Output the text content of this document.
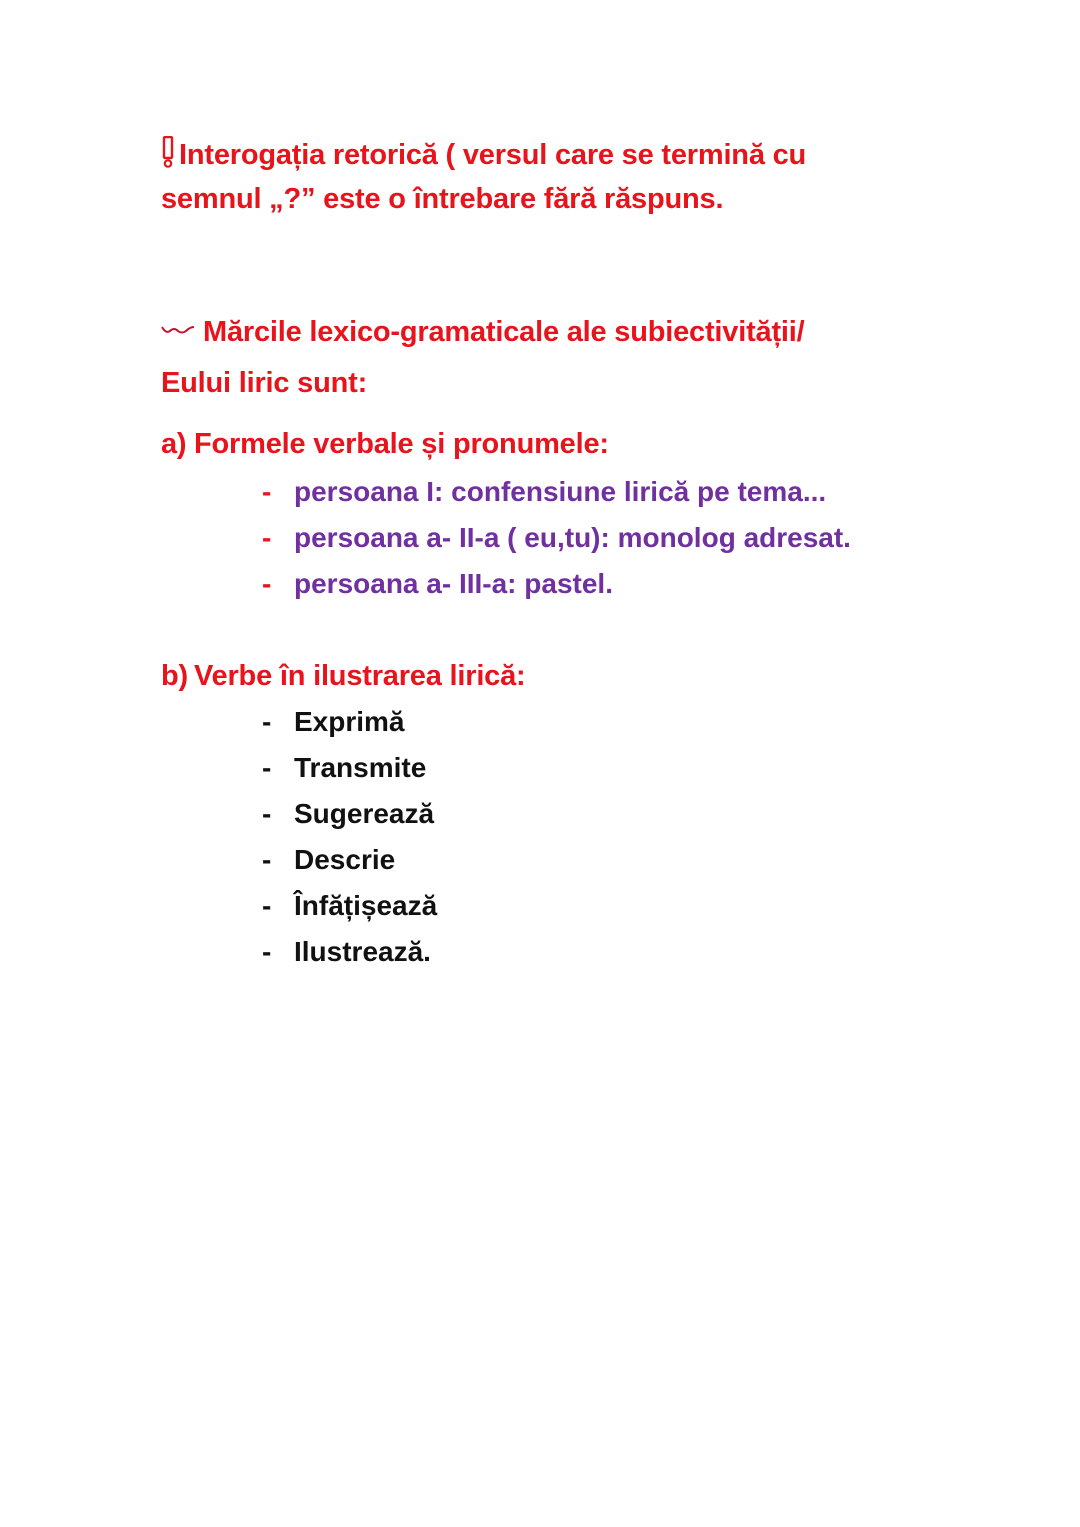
Interogația retorică ( versul care se termină cu
semnul „?” este o întrebare fără răspuns.
Mărcile lexico-gramaticale ale subiectivității/
Eului liric sunt:
a) Formele verbale și pronumele:
- persoana I: confensiune lirică pe tema...
- persoana a- II-a ( eu,tu): monolog adresat.
- persoana a- III-a: pastel.
b) Verbe în ilustrarea lirică:
- Exprimă
- Transmite
- Sugerează
- Descrie
- Înfățișează
- Ilustrează.
